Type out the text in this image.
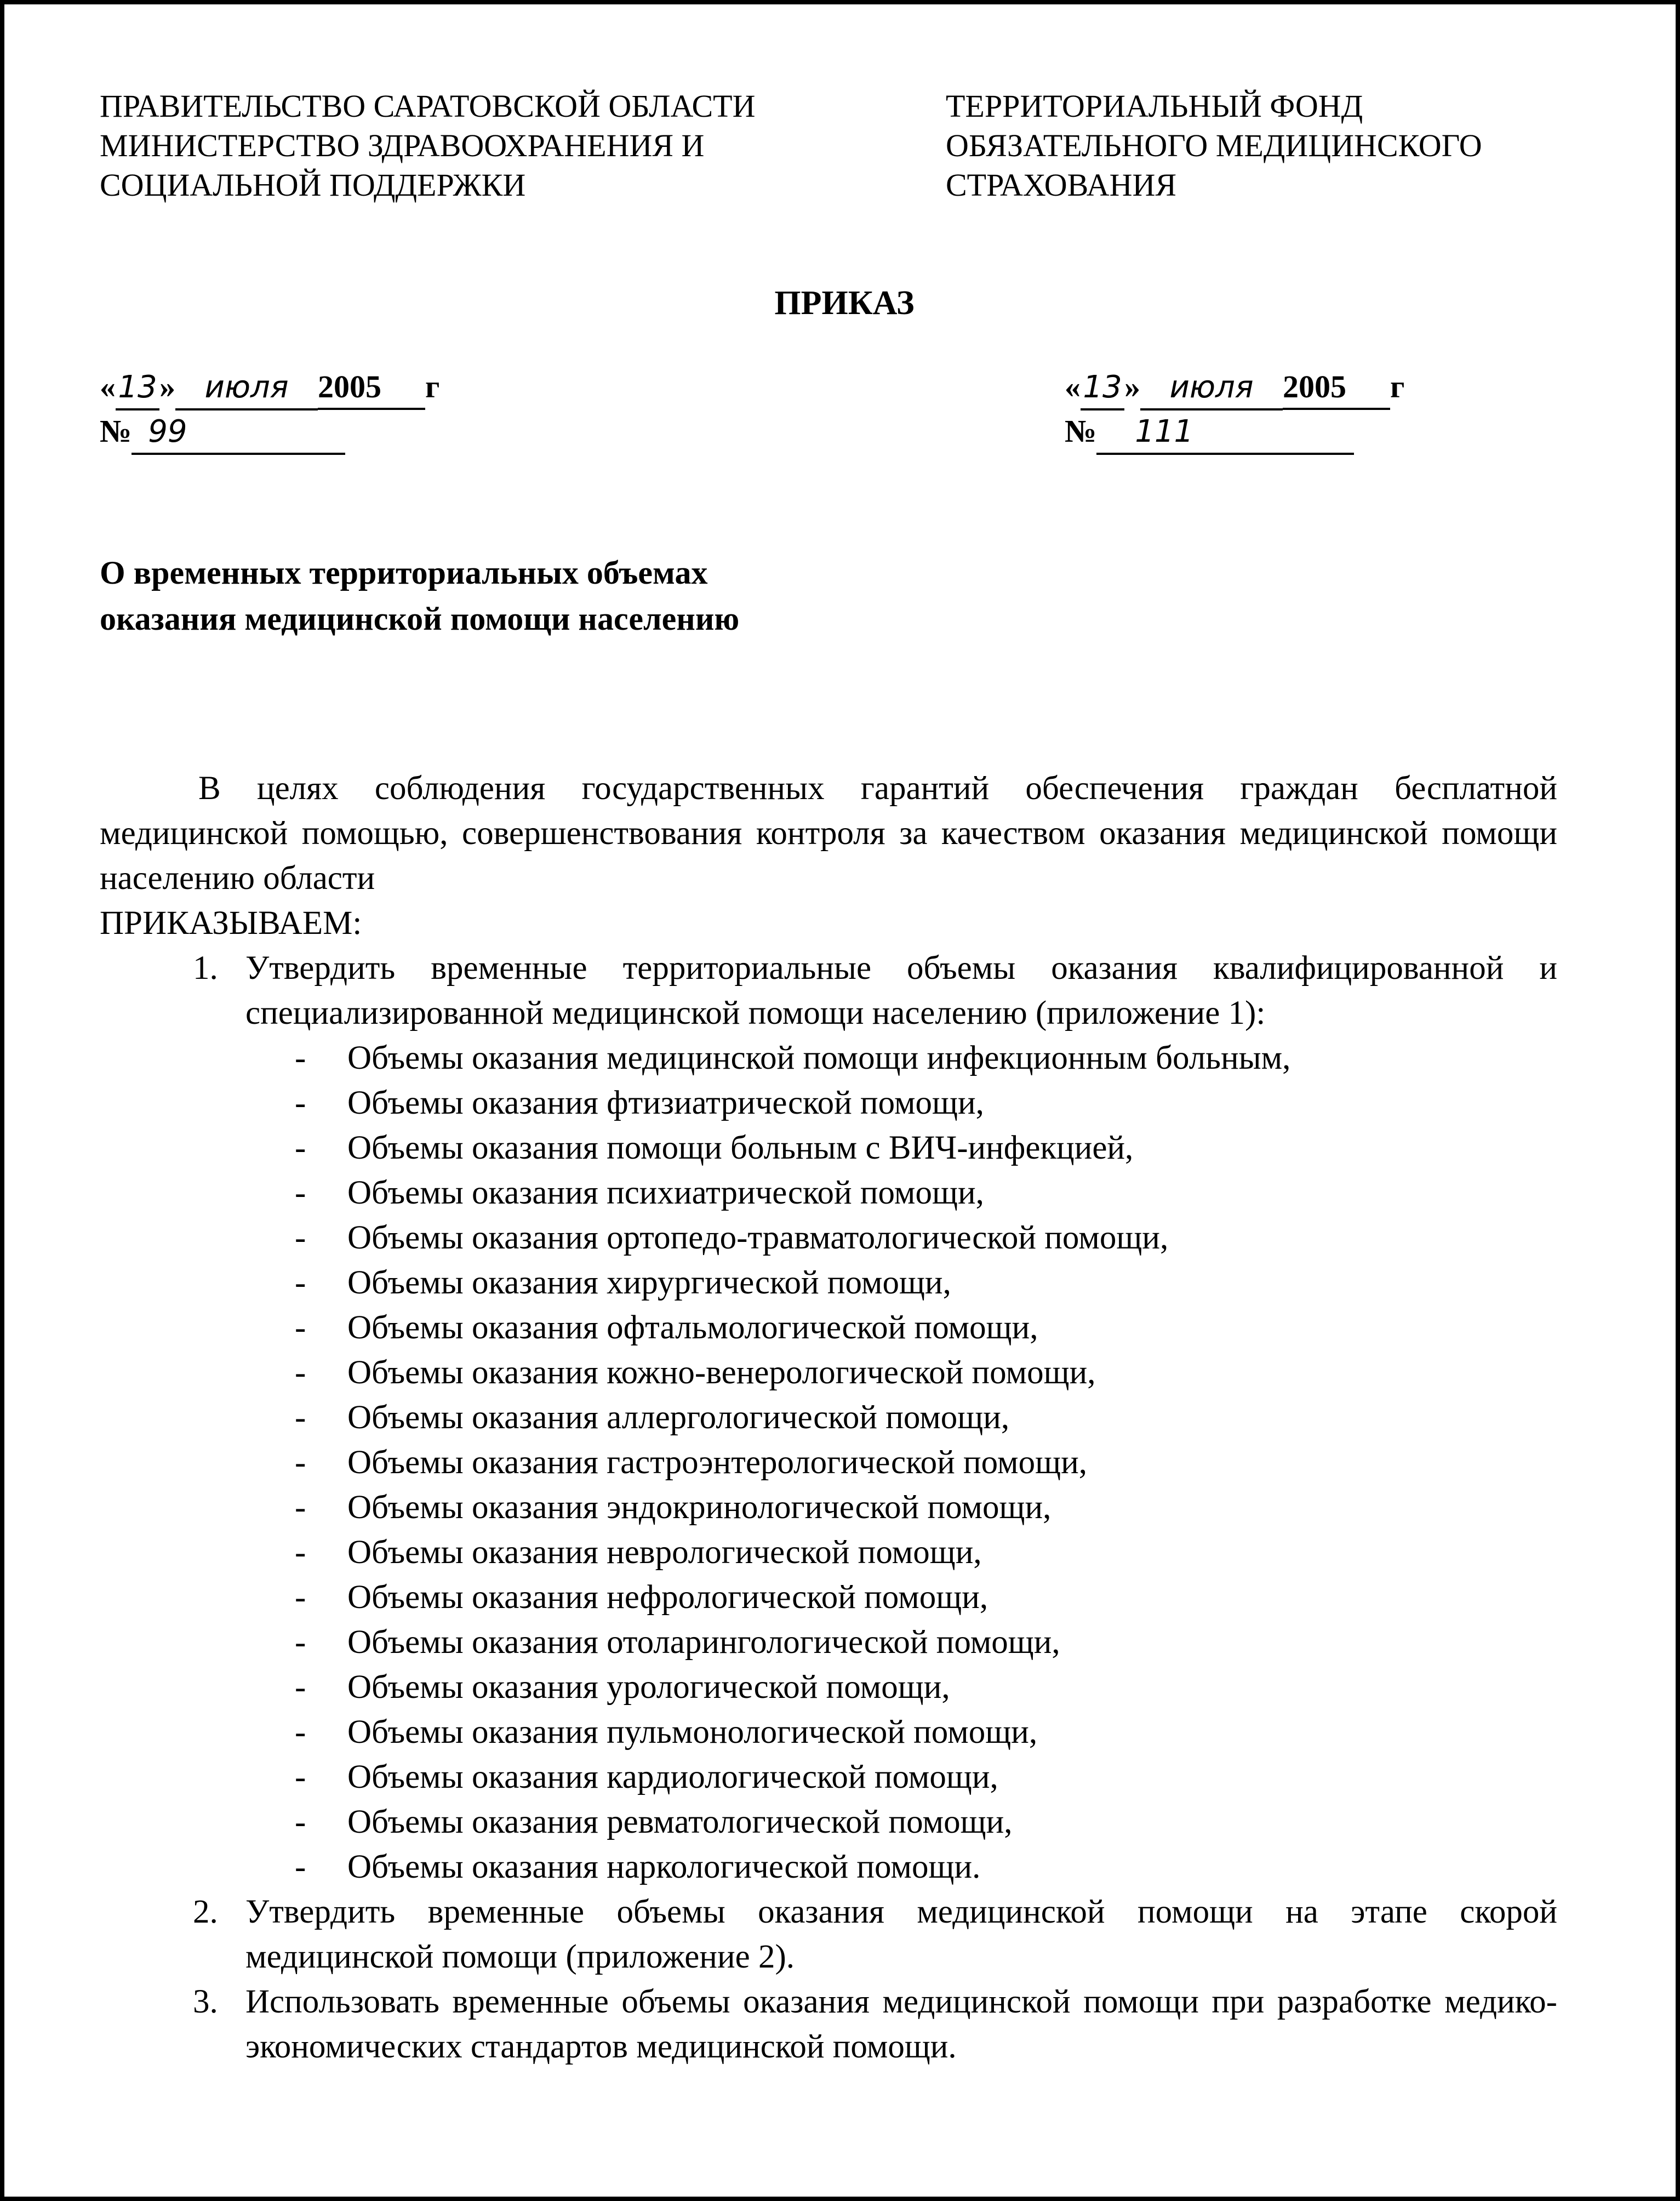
ПРАВИТЕЛЬСТВО САРАТОВСКОЙ ОБЛАСТИ
МИНИСТЕРСТВО ЗДРАВООХРАНЕНИЯ И
СОЦИАЛЬНОЙ ПОДДЕРЖКИ
ТЕРРИТОРИАЛЬНЫЙ ФОНД
ОБЯЗАТЕЛЬНОГО МЕДИЦИНСКОГО
СТРАХОВАНИЯ
ПРИКАЗ
«13» июля 2005 г
№ 99
«13» июля 2005 г
№ 111
О временных территориальных объемах
оказания медицинской помощи населению
В целях соблюдения государственных гарантий обеспечения граждан бесплатной медицинской помощью, совершенствования контроля за качеством оказания медицинской помощи населению области
ПРИКАЗЫВАЕМ:
1. Утвердить временные территориальные объемы оказания квалифицированной и специализированной медицинской помощи населению (приложение 1):
- Объемы оказания медицинской помощи инфекционным больным,
- Объемы оказания фтизиатрической помощи,
- Объемы оказания помощи больным с ВИЧ-инфекцией,
- Объемы оказания психиатрической помощи,
- Объемы оказания ортопедо-травматологической помощи,
- Объемы оказания хирургической помощи,
- Объемы оказания офтальмологической помощи,
- Объемы оказания кожно-венерологической помощи,
- Объемы оказания аллергологической помощи,
- Объемы оказания гастроэнтерологической помощи,
- Объемы оказания эндокринологической помощи,
- Объемы оказания неврологической помощи,
- Объемы оказания нефрологической помощи,
- Объемы оказания отоларингологической помощи,
- Объемы оказания урологической помощи,
- Объемы оказания пульмонологической помощи,
- Объемы оказания кардиологической помощи,
- Объемы оказания ревматологической помощи,
- Объемы оказания наркологической помощи.
2. Утвердить временные объемы оказания медицинской помощи на этапе скорой медицинской помощи (приложение 2).
3. Использовать временные объемы оказания медицинской помощи при разработке медико-экономических стандартов медицинской помощи.
